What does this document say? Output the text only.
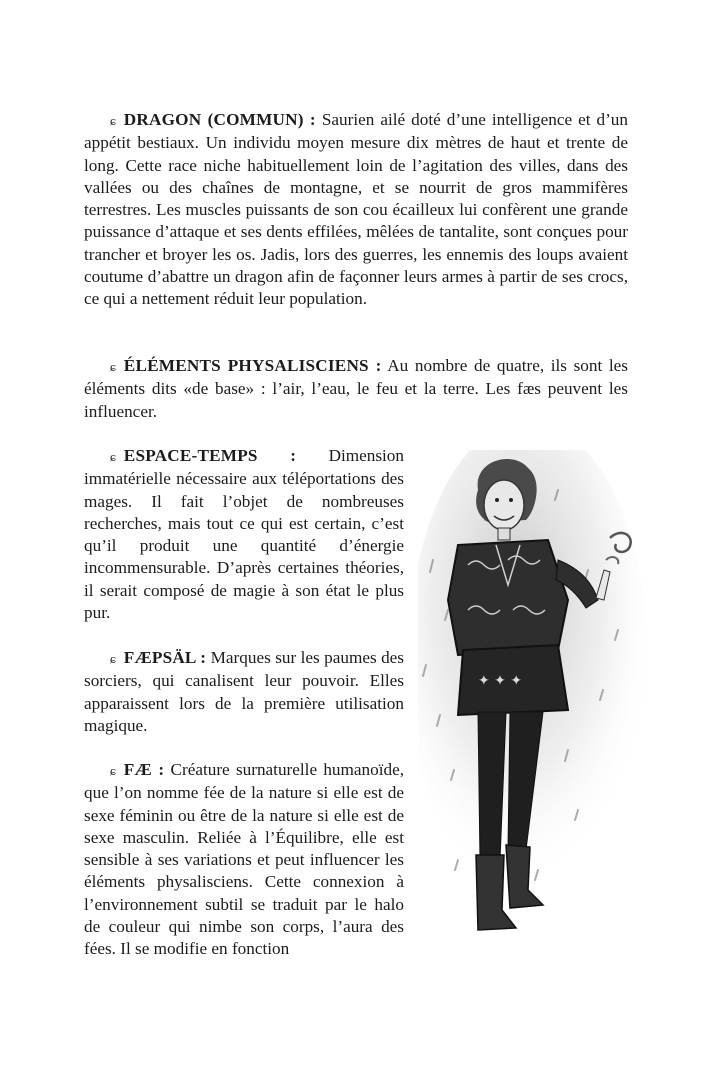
ɕ DRAGON (COMMUN) : Saurien ailé doté d’une intelligence et d’un appétit bestiaux. Un individu moyen mesure dix mètres de haut et trente de long. Cette race niche habituellement loin de l’agitation des villes, dans des vallées ou des chaînes de montagne, et se nourrit de gros mammifères terrestres. Les muscles puissants de son cou écailleux lui confèrent une grande puissance d’attaque et ses dents effilées, mêlées de tantalite, sont conçues pour trancher et broyer les os. Jadis, lors des guerres, les ennemis des loups avaient coutume d’abattre un dragon afin de façonner leurs armes à partir de ses crocs, ce qui a nettement réduit leur population.

ɕ ÉLÉMENTS PHYSALISCIENS : Au nombre de quatre, ils sont les éléments dits «de base» : l’air, l’eau, le feu et la terre. Les fæs peuvent les influencer.

ɕ ESPACE-TEMPS : Dimension immatérielle nécessaire aux téléportations des mages. Il fait l’objet de nombreuses recherches, mais tout ce qui est certain, c’est qu’il produit une quantité d’énergie incommensurable. D’après certaines théories, il serait composé de magie à son état le plus pur.

ɕ FÆPSÄL : Marques sur les paumes des sorciers, qui canalisent leur pouvoir. Elles apparaissent lors de la première utilisation magique.

ɕ FÆ : Créature surnaturelle humanoïde, que l’on nomme fée de la nature si elle est de sexe féminin ou être de la nature si elle est de sexe masculin. Reliée à l’Équilibre, elle est sensible à ses variations et peut influencer les éléments physalisciens. Cette connexion à l’environnement subtil se traduit par le halo de couleur qui nimbe son corps, l’aura des fées. Il se modifie en fonction

✦ ✦ ✦
